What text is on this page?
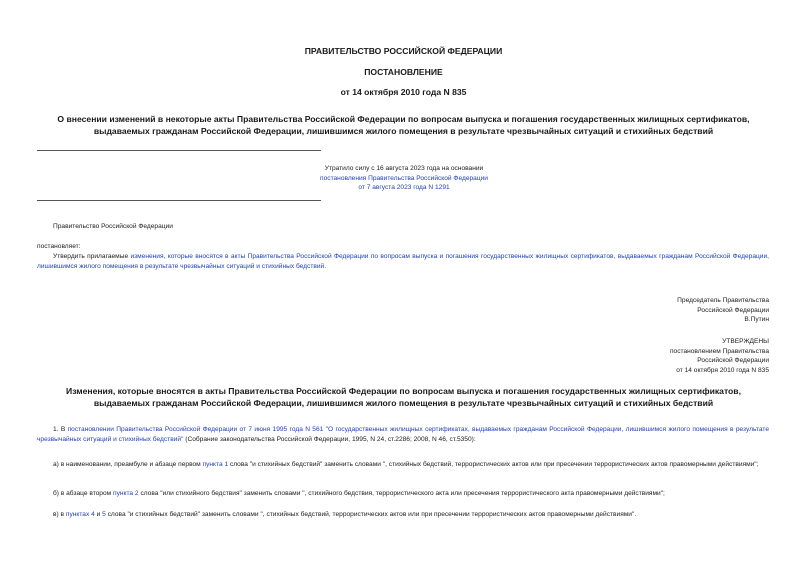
ПРАВИТЕЛЬСТВО РОССИЙСКОЙ ФЕДЕРАЦИИ
ПОСТАНОВЛЕНИЕ
от 14 октября 2010 года N 835
О внесении изменений в некоторые акты Правительства Российской Федерации по вопросам выпуска и погашения государственных жилищных сертификатов,
выдаваемых гражданам Российской Федерации, лишившимся жилого помещения в результате чрезвычайных ситуаций и стихийных бедствий
Утратило силу с 16 августа 2023 года на основании
постановления Правительства Российской Федерации
от 7 августа 2023 года N 1291
Правительство Российской Федерации
постановляет:
Утвердить прилагаемые изменения, которые вносятся в акты Правительства Российской Федерации по вопросам выпуска и погашения государственных жилищных сертификатов, выдаваемых гражданам Российской Федерации, лишившимся жилого помещения в результате чрезвычайных ситуаций и стихийных бедствий.
Председатель Правительства
Российской Федерации
В.Путин
УТВЕРЖДЕНЫ
постановлением Правительства
Российской Федерации
от 14 октября 2010 года N 835
Изменения, которые вносятся в акты Правительства Российской Федерации по вопросам выпуска и погашения государственных жилищных сертификатов,
выдаваемых гражданам Российской Федерации, лишившимся жилого помещения в результате чрезвычайных ситуаций и стихийных бедствий
1. В постановлении Правительства Российской Федерации от 7 июня 1995 года N 561 "О государственных жилищных сертификатах, выдаваемых гражданам Российской Федерации, лишившимся жилого помещения в результате чрезвычайных ситуаций и стихийных бедствий" (Собрание законодательства Российской Федерации, 1995, N 24, ст.2286; 2008, N 46, ст.5350):
а) в наименовании, преамбуле и абзаце первом пункта 1 слова "и стихийных бедствий" заменить словами ", стихийных бедствий, террористических актов или при пресечении террористических актов правомерными действиями";
б) в абзаце втором пункта 2 слова "или стихийного бедствия" заменить словами ", стихийного бедствия, террористического акта или пресечения террористического акта правомерными действиями";
в) в пунктах 4 и 5 слова "и стихийных бедствий" заменить словами ", стихийных бедствий, террористических актов или при пресечении террористических актов правомерными действиями".
